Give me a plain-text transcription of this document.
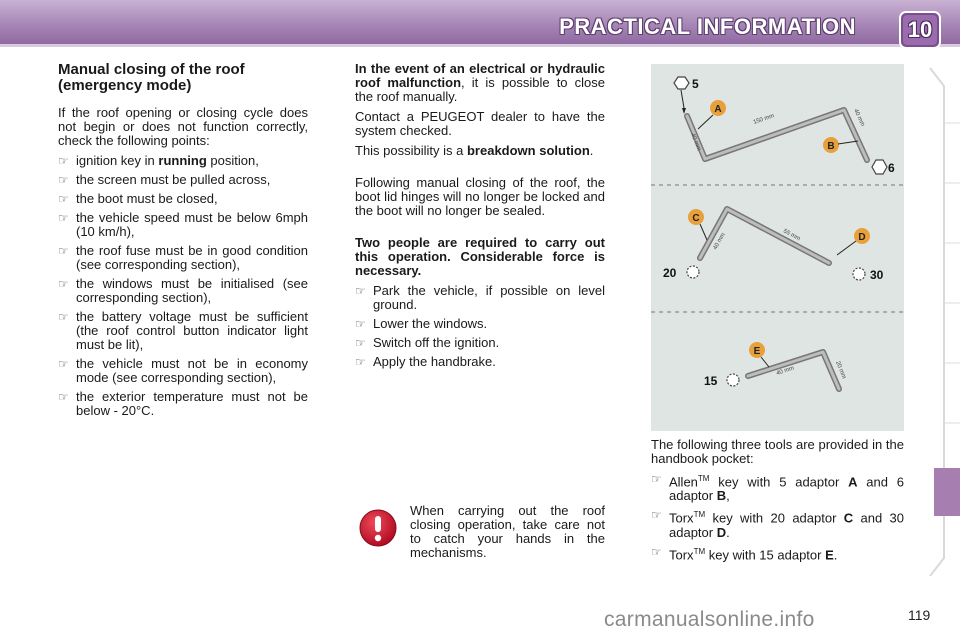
PRACTICAL INFORMATION	10
Manual closing of the roof
(emergency mode)

If the roof opening or closing cycle does not begin or does not function correctly, check the following points:

☞ ignition key in running position,
☞ the screen must be pulled across,
☞ the boot must be closed,
☞ the vehicle speed must be below 6mph (10 km/h),
☞ the roof fuse must be in good condition (see corresponding section),
☞ the windows must be initialised (see corresponding section),
☞ the battery voltage must be sufficient (the roof control button indicator light must be lit),
☞ the vehicle must not be in economy mode (see corresponding section),
☞ the exterior temperature must not be below - 20°C.

In the event of an electrical or hydraulic roof malfunction, it is possible to close the roof manually.

Contact a PEUGEOT dealer to have the system checked.

This possibility is a breakdown solution.

Following manual closing of the roof, the boot lid hinges will no longer be locked and the boot will no longer be sealed.

Two people are required to carry out this operation. Considerable force is necessary.

☞ Park the vehicle, if possible on level ground.
☞ Lower the windows.
☞ Switch off the ignition.
☞ Apply the handbrake.
5
A
6
B
40 mm
150 mm	40 mm
20	30
C
D
40 mm	55 mm
15
E
40 mm	20 mm

The following three tools are provided in the handbook pocket:

☞ Allen™ key with 5 adaptor A and 6 adaptor B,
☞ Torx™ key with 20 adaptor C and 30 adaptor D.
☞ Torx™ key with 15 adaptor E.
When carrying out the roof closing operation, take care not to catch your hands in the mechanisms.
119
carmanualsonline.info
